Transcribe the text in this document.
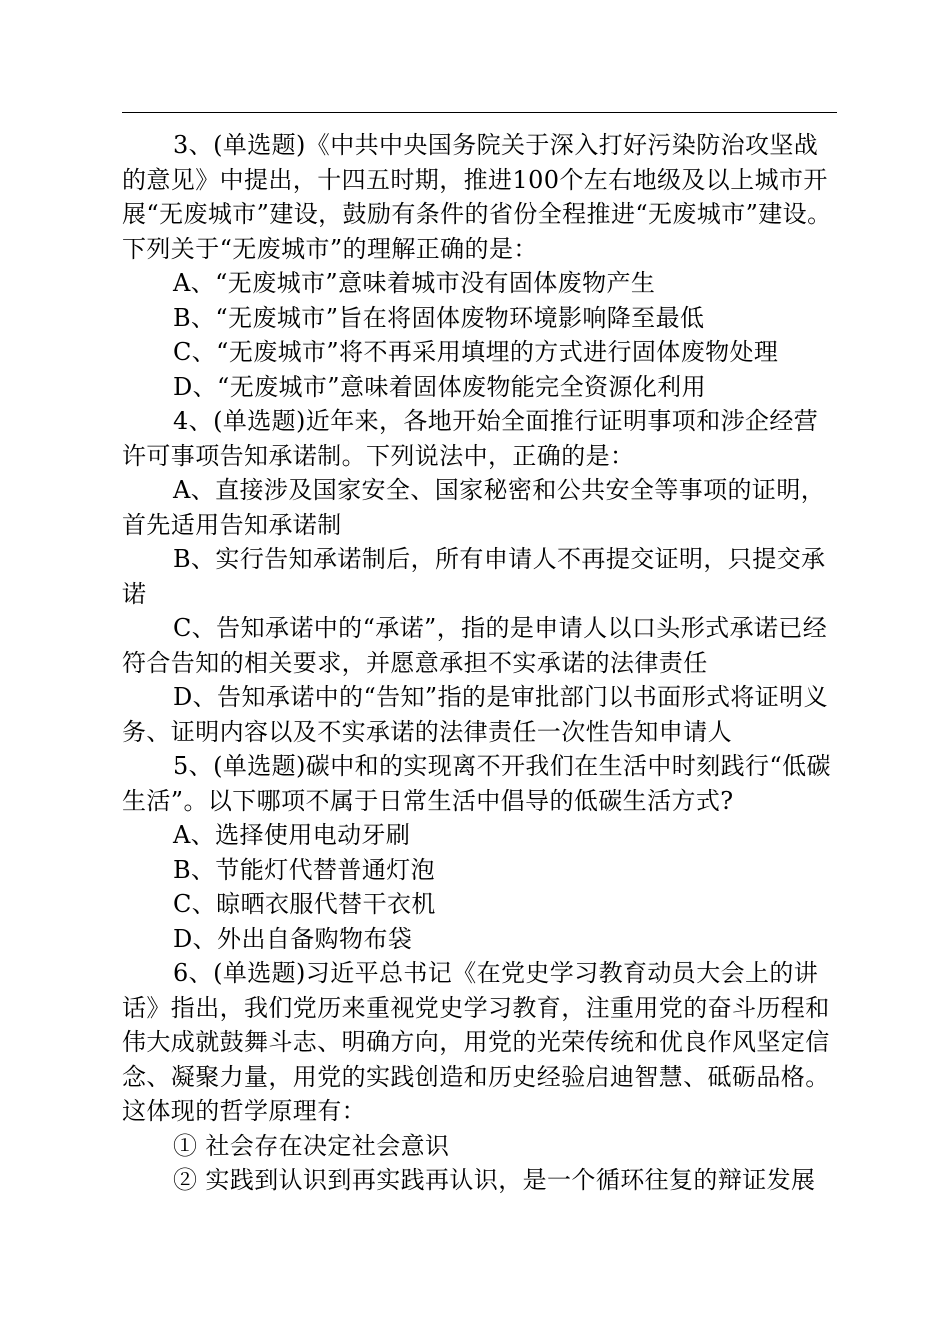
3、(单选题)《中共中央国务院关于深入打好污染防治攻坚战的意见》中提出，十四五时期，推进100个左右地级及以上城市开展“无废城市”建设，鼓励有条件的省份全程推进“无废城市”建设。下列关于“无废城市”的理解正确的是：

A、“无废城市”意味着城市没有固体废物产生

B、“无废城市”旨在将固体废物环境影响降至最低

C、“无废城市”将不再采用填埋的方式进行固体废物处理

D、“无废城市”意味着固体废物能完全资源化利用

4、(单选题)近年来，各地开始全面推行证明事项和涉企经营许可事项告知承诺制。下列说法中，正确的是：

A、直接涉及国家安全、国家秘密和公共安全等事项的证明，首先适用告知承诺制

B、实行告知承诺制后，所有申请人不再提交证明，只提交承诺

C、告知承诺中的“承诺”，指的是申请人以口头形式承诺已经符合告知的相关要求，并愿意承担不实承诺的法律责任

D、告知承诺中的“告知”指的是审批部门以书面形式将证明义务、证明内容以及不实承诺的法律责任一次性告知申请人

5、(单选题)碳中和的实现离不开我们在生活中时刻践行“低碳生活”。以下哪项不属于日常生活中倡导的低碳生活方式?

A、选择使用电动牙刷

B、节能灯代替普通灯泡

C、晾晒衣服代替干衣机

D、外出自备购物布袋

6、(单选题)习近平总书记《在党史学习教育动员大会上的讲话》指出，我们党历来重视党史学习教育，注重用党的奋斗历程和伟大成就鼓舞斗志、明确方向，用党的光荣传统和优良作风坚定信念、凝聚力量，用党的实践创造和历史经验启迪智慧、砥砺品格。这体现的哲学原理有：

① 社会存在决定社会意识

② 实践到认识到再实践再认识，是一个循环往复的辩证发展
